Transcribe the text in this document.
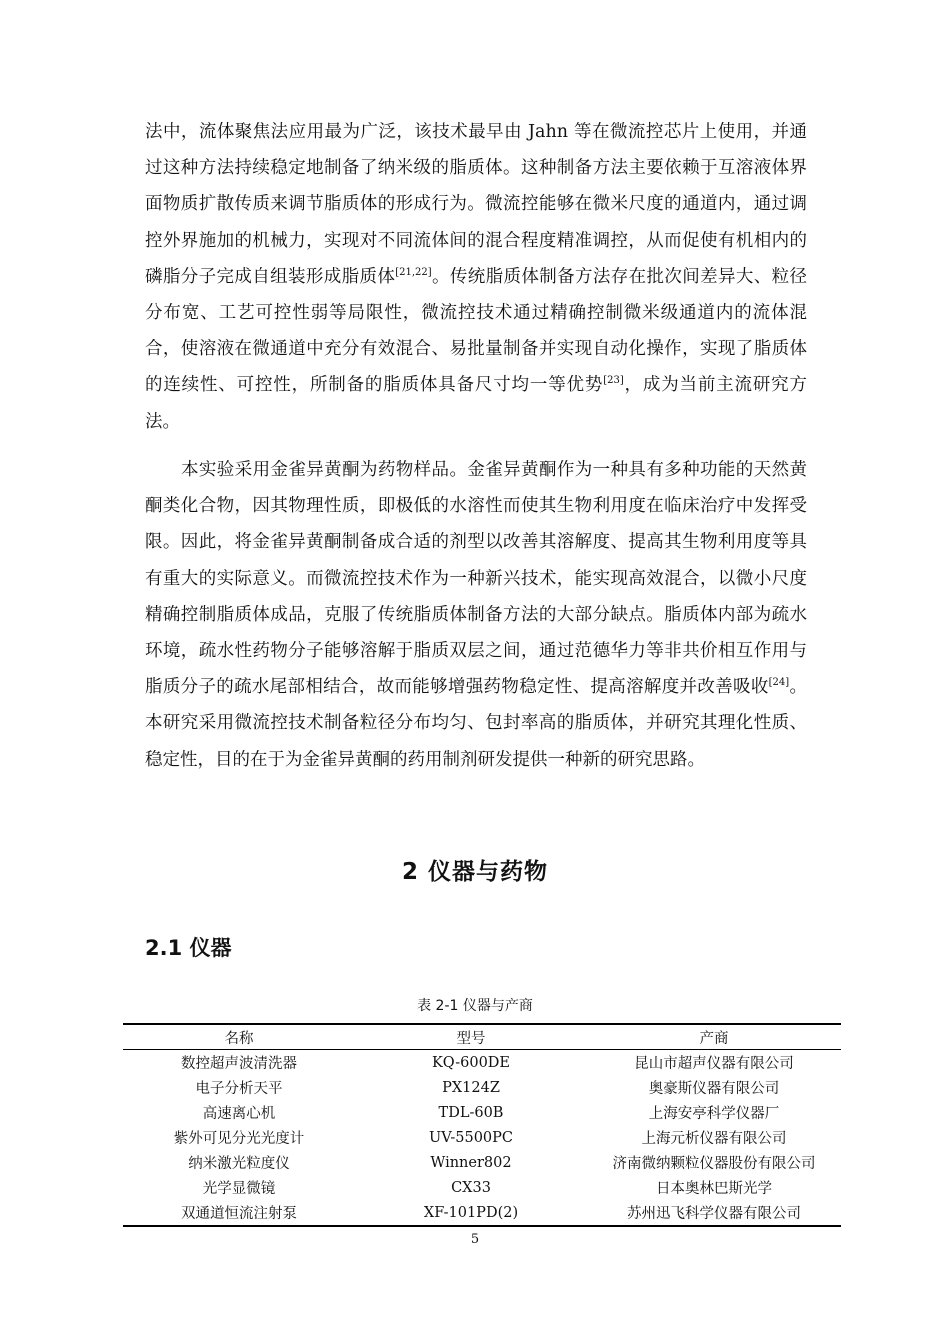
法中，流体聚焦法应用最为广泛，该技术最早由 Jahn 等在微流控芯片上使用，并通过这种方法持续稳定地制备了纳米级的脂质体。这种制备方法主要依赖于互溶液体界面物质扩散传质来调节脂质体的形成行为。微流控能够在微米尺度的通道内，通过调控外界施加的机械力，实现对不同流体间的混合程度精准调控，从而促使有机相内的磷脂分子完成自组装形成脂质体[21,22]。传统脂质体制备方法存在批次间差异大、粒径分布宽、工艺可控性弱等局限性，微流控技术通过精确控制微米级通道内的流体混合，使溶液在微通道中充分有效混合、易批量制备并实现自动化操作，实现了脂质体的连续性、可控性，所制备的脂质体具备尺寸均一等优势[23]，成为当前主流研究方法。

本实验采用金雀异黄酮为药物样品。金雀异黄酮作为一种具有多种功能的天然黄酮类化合物，因其物理性质，即极低的水溶性而使其生物利用度在临床治疗中发挥受限。因此，将金雀异黄酮制备成合适的剂型以改善其溶解度、提高其生物利用度等具有重大的实际意义。而微流控技术作为一种新兴技术，能实现高效混合，以微小尺度精确控制脂质体成品，克服了传统脂质体制备方法的大部分缺点。脂质体内部为疏水环境，疏水性药物分子能够溶解于脂质双层之间，通过范德华力等非共价相互作用与脂质分子的疏水尾部相结合，故而能够增强药物稳定性、提高溶解度并改善吸收[24]。本研究采用微流控技术制备粒径分布均匀、包封率高的脂质体，并研究其理化性质、稳定性，目的在于为金雀异黄酮的药用制剂研发提供一种新的研究思路。

2 仪器与药物
2.1 仪器
表 2-1 仪器与产商
名称	型号	产商
数控超声波清洗器	KQ-600DE	昆山市超声仪器有限公司
电子分析天平	PX124Z	奥豪斯仪器有限公司
高速离心机	TDL-60B	上海安亭科学仪器厂
紫外可见分光光度计	UV-5500PC	上海元析仪器有限公司
纳米激光粒度仪	Winner802	济南微纳颗粒仪器股份有限公司
光学显微镜	CX33	日本奥林巴斯光学
双通道恒流注射泵	XF-101PD(2)	苏州迅飞科学仪器有限公司
5
